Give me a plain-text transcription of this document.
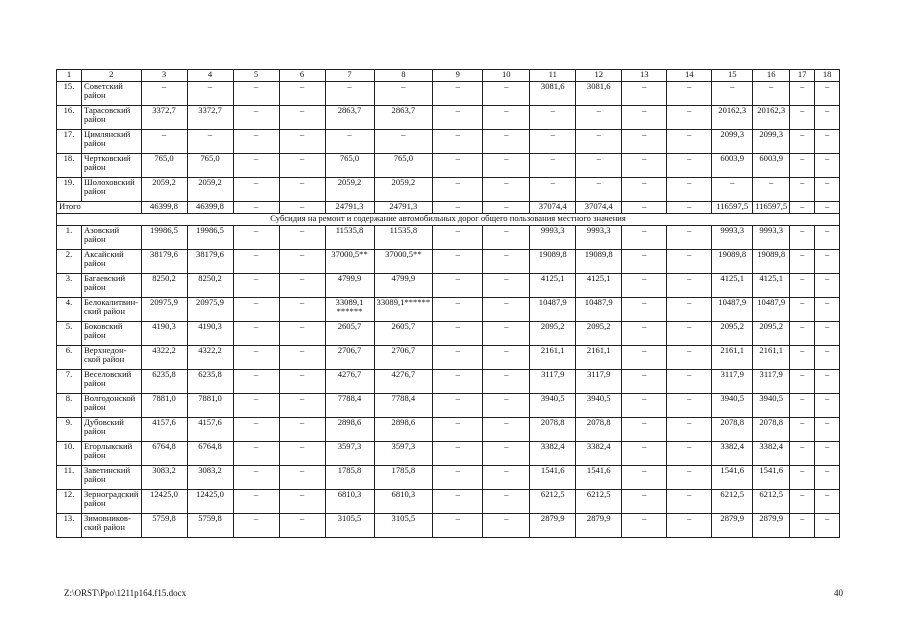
1	2	3	4	5	6	7	8	9	10	11	12	13	14	15	16	17	18
15.	Советский район	–	–	–	–	–	–	–	–	3081,6	3081,6	–	–	–	–	–	–
16.	Тарасовский район	3372,7	3372,7	–	–	2863,7	2863,7	–	–	–	–	–	–	20162,3	20162,3	–	–
17.	Цимлянский район	–	–	–	–	–	–	–	–	–	–	–	–	2099,3	2099,3	–	–
18.	Чертковский район	765,0	765,0	–	–	765,0	765,0	–	–	–	–	–	–	6003,9	6003,9	–	–
19.	Шолоховский район	2059,2	2059,2	–	–	2059,2	2059,2	–	–	–	–	–	–	–	–	–	–
Итого		46399,8	46399,8	–	–	24791,3	24791,3	–	–	37074,4	37074,4	–	–	116597,5	116597,5	–	–
Субсидия на ремонт и содержание автомобильных дорог общего пользования местного значения																	
1.	Азовский район	19986,5	19986,5	–	–	11535,8	11535,8	–	–	9993,3	9993,3	–	–	9993,3	9993,3	–	–
2.	Аксайский район	38179,6	38179,6	–	–	37000,5**	37000,5**	–	–	19089,8	19089,8	–	–	19089,8	19089,8	–	–
3.	Багаевский район	8250,2	8250,2	–	–	4799,9	4799,9	–	–	4125,1	4125,1	–	–	4125,1	4125,1	–	–
4.	Белокалитвин-ский район	20975,9	20975,9	–	–	33089,1 ******	33089,1******	–	–	10487,9	10487,9	–	–	10487,9	10487,9	–	–
5.	Боковский район	4190,3	4190,3	–	–	2605,7	2605,7	–	–	2095,2	2095,2	–	–	2095,2	2095,2	–	–
6.	Верхнедон-ской район	4322,2	4322,2	–	–	2706,7	2706,7	–	–	2161,1	2161,1	–	–	2161,1	2161,1	–	–
7.	Веселовский район	6235,8	6235,8	–	–	4276,7	4276,7	–	–	3117,9	3117,9	–	–	3117,9	3117,9	–	–
8.	Волгодонской район	7881,0	7881,0	–	–	7788,4	7788,4	–	–	3940,5	3940,5	–	–	3940,5	3940,5	–	–
9.	Дубовский район	4157,6	4157,6	–	–	2898,6	2898,6	–	–	2078,8	2078,8	–	–	2078,8	2078,8	–	–
10.	Егорлыкский район	6764,8	6764,8	–	–	3597,3	3597,3	–	–	3382,4	3382,4	–	–	3382,4	3382,4	–	–
11.	Заветинский район	3083,2	3083,2	–	–	1785,8	1785,8	–	–	1541,6	1541,6	–	–	1541,6	1541,6	–	–
12.	Зерноградский район	12425,0	12425,0	–	–	6810,3	6810,3	–	–	6212,5	6212,5	–	–	6212,5	6212,5	–	–
13.	Зимовников-ский район	5759,8	5759,8	–	–	3105,5	3105,5	–	–	2879,9	2879,9	–	–	2879,9	2879,9	–	–
Z:\ORST\Ppo\1211p164.f15.docx	40
